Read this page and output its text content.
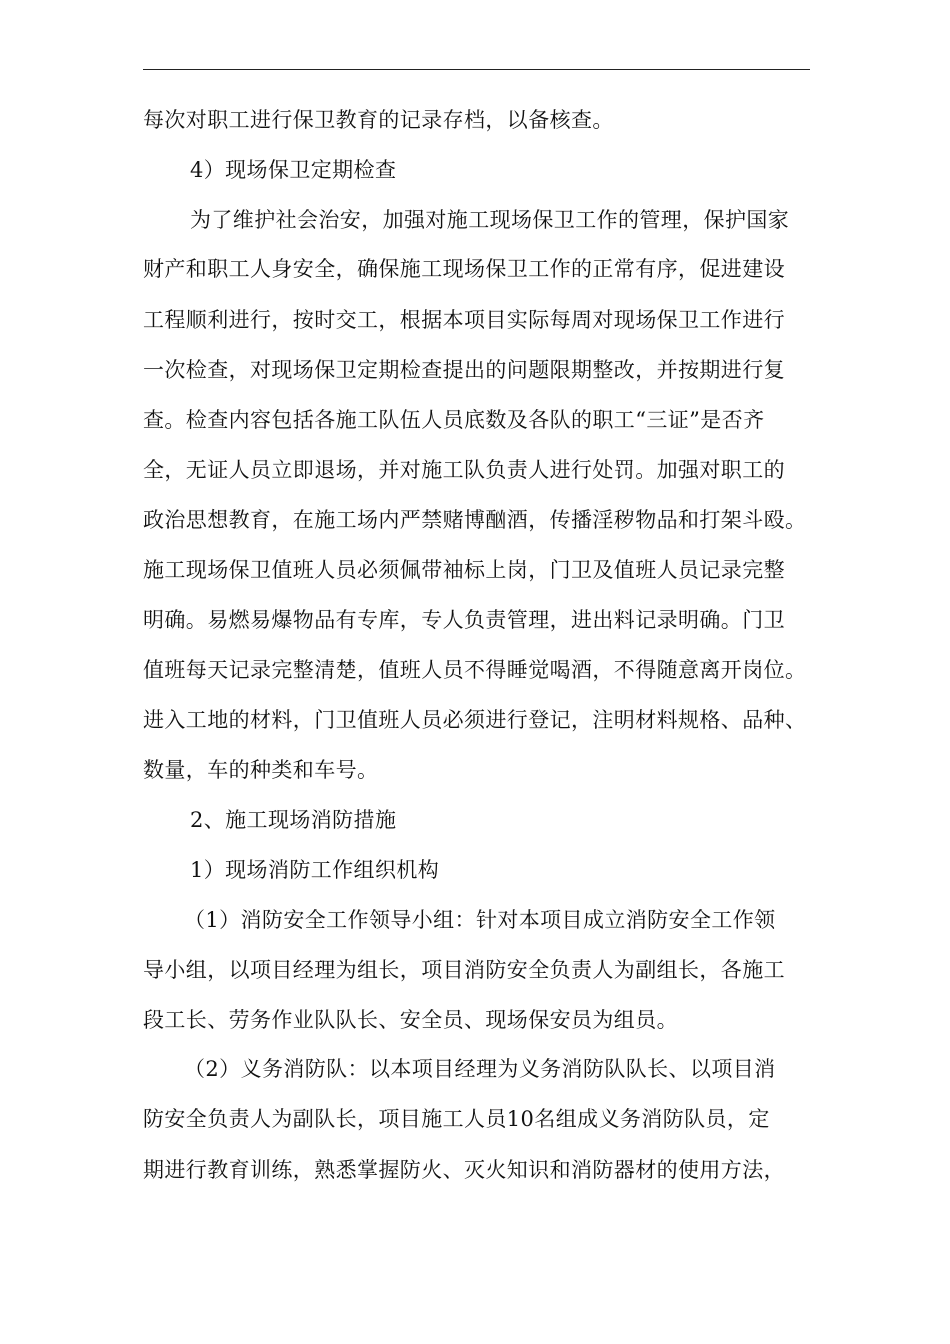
每次对职工进行保卫教育的记录存档，以备核查。
4）现场保卫定期检查
为了维护社会治安，加强对施工现场保卫工作的管理，保护国家
财产和职工人身安全，确保施工现场保卫工作的正常有序，促进建设
工程顺利进行，按时交工，根据本项目实际每周对现场保卫工作进行
一次检查，对现场保卫定期检查提出的问题限期整改，并按期进行复
查。检查内容包括各施工队伍人员底数及各队的职工“三证”是否齐
全，无证人员立即退场，并对施工队负责人进行处罚。加强对职工的
政治思想教育，在施工场内严禁赌博酗酒，传播淫秽物品和打架斗殴。
施工现场保卫值班人员必须佩带袖标上岗，门卫及值班人员记录完整
明确。易燃易爆物品有专库，专人负责管理，进出料记录明确。门卫
值班每天记录完整清楚，值班人员不得睡觉喝酒，不得随意离开岗位。
进入工地的材料，门卫值班人员必须进行登记，注明材料规格、品种、
数量，车的种类和车号。
2、施工现场消防措施
1）现场消防工作组织机构
（1）消防安全工作领导小组：针对本项目成立消防安全工作领
导小组，以项目经理为组长，项目消防安全负责人为副组长，各施工
段工长、劳务作业队队长、安全员、现场保安员为组员。
（2）义务消防队：以本项目经理为义务消防队队长、以项目消
防安全负责人为副队长，项目施工人员10名组成义务消防队员，定
期进行教育训练，熟悉掌握防火、灭火知识和消防器材的使用方法，
